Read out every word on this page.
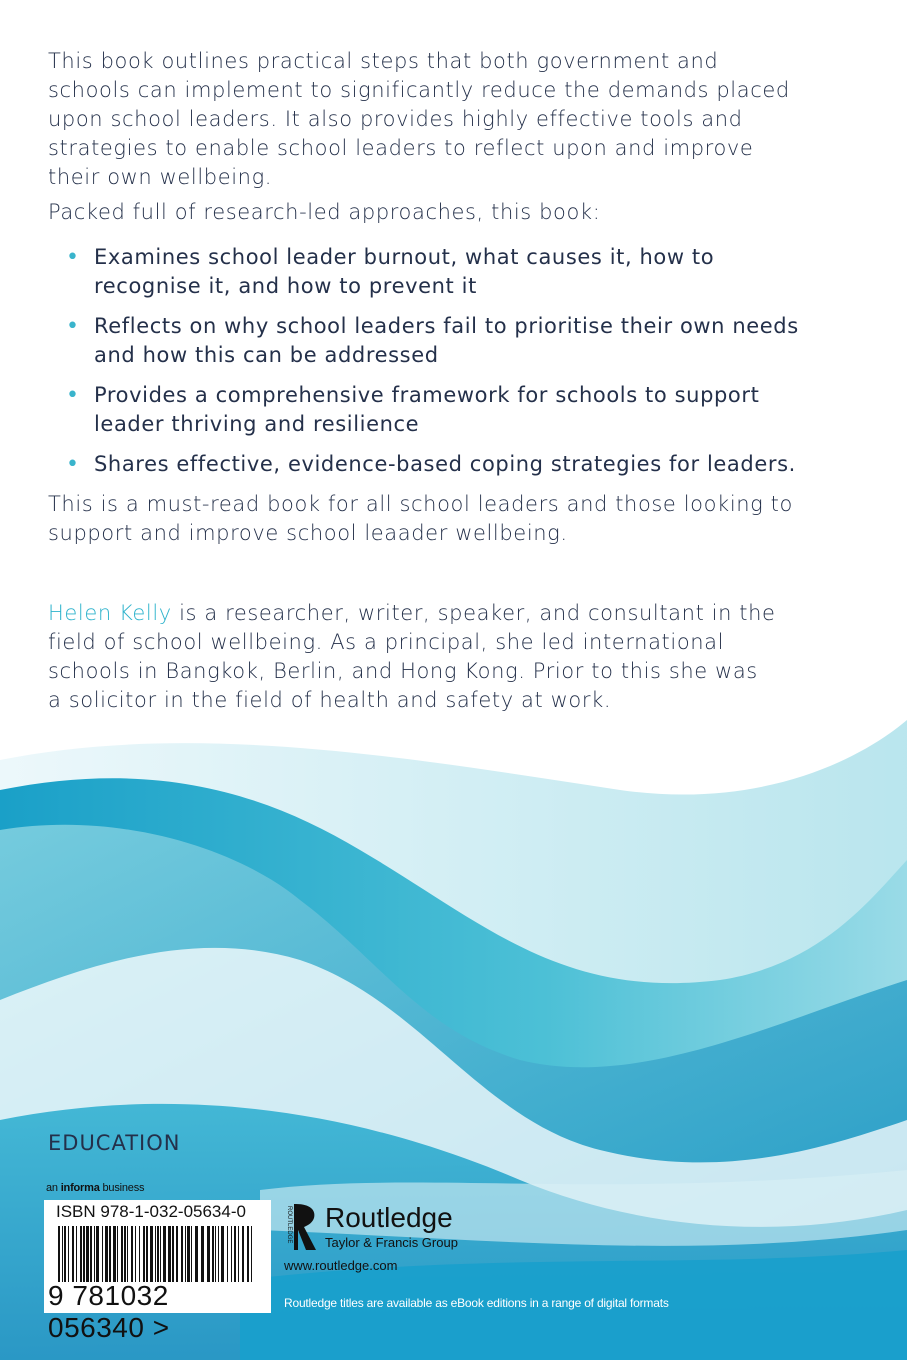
This book outlines practical steps that both government and
schools can implement to significantly reduce the demands placed
upon school leaders. It also provides highly effective tools and
strategies to enable school leaders to reflect upon and improve
their own wellbeing.
Packed full of research-led approaches, this book:
• Examines school leader burnout, what causes it, how to
recognise it, and how to prevent it
• Reflects on why school leaders fail to prioritise their own needs
and how this can be addressed
• Provides a comprehensive framework for schools to support
leader thriving and resilience
• Shares effective, evidence-based coping strategies for leaders.
This is a must-read book for all school leaders and those looking to
support and improve school leaader wellbeing.
Helen Kelly is a researcher, writer, speaker, and consultant in the
field of school wellbeing. As a principal, she led international
schools in Bangkok, Berlin, and Hong Kong. Prior to this she was
a solicitor in the field of health and safety at work.
EDUCATION
an informa business
ISBN 978-1-032-05634-0
9 781032 056340 >
ROUTLEDGE Routledge
Taylor & Francis Group
www.routledge.com
Routledge titles are available as eBook editions in a range of digital formats
